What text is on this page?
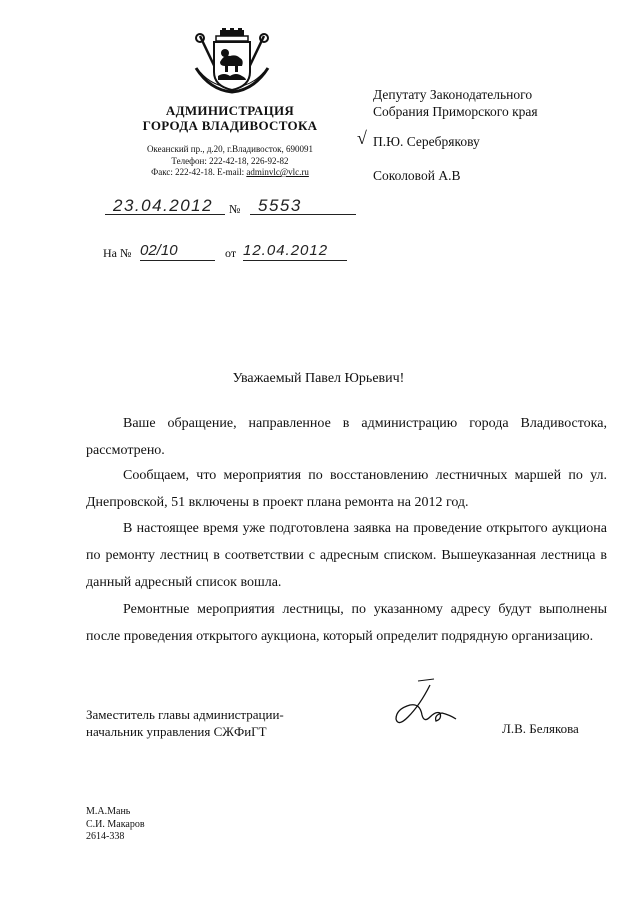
АДМИНИСТРАЦИЯ
ГОРОДА ВЛАДИВОСТОКА
Океанский пр., д.20, г.Владивосток, 690091
Телефон: 222-42-18, 226-92-82
Факс: 222-42-18. E-mail: adminvlc@vlc.ru
23.04.2012	№	5553
На № 02/10	от 12.04.2012
Депутату Законодательного
Собрания Приморского края
√ П.Ю. Серебрякову
Соколовой А.В
Уважаемый Павел Юрьевич!
Ваше обращение, направленное в администрацию города Владивостока, рассмотрено.
Сообщаем, что мероприятия по восстановлению лестничных маршей по ул. Днепровской, 51 включены в проект плана ремонта на 2012 год.
В настоящее время уже подготовлена заявка на проведение открытого аукциона по ремонту лестниц в соответствии с адресным списком. Вышеуказанная лестница в данный адресный список вошла.
Ремонтные мероприятия лестницы, по указанному адресу будут выполнены после проведения открытого аукциона, который определит подрядную организацию.
Заместитель главы администрации-
начальник управления СЖФиГТ	Л.В. Белякова
М.А.Мань
С.И. Макаров
2614-338
